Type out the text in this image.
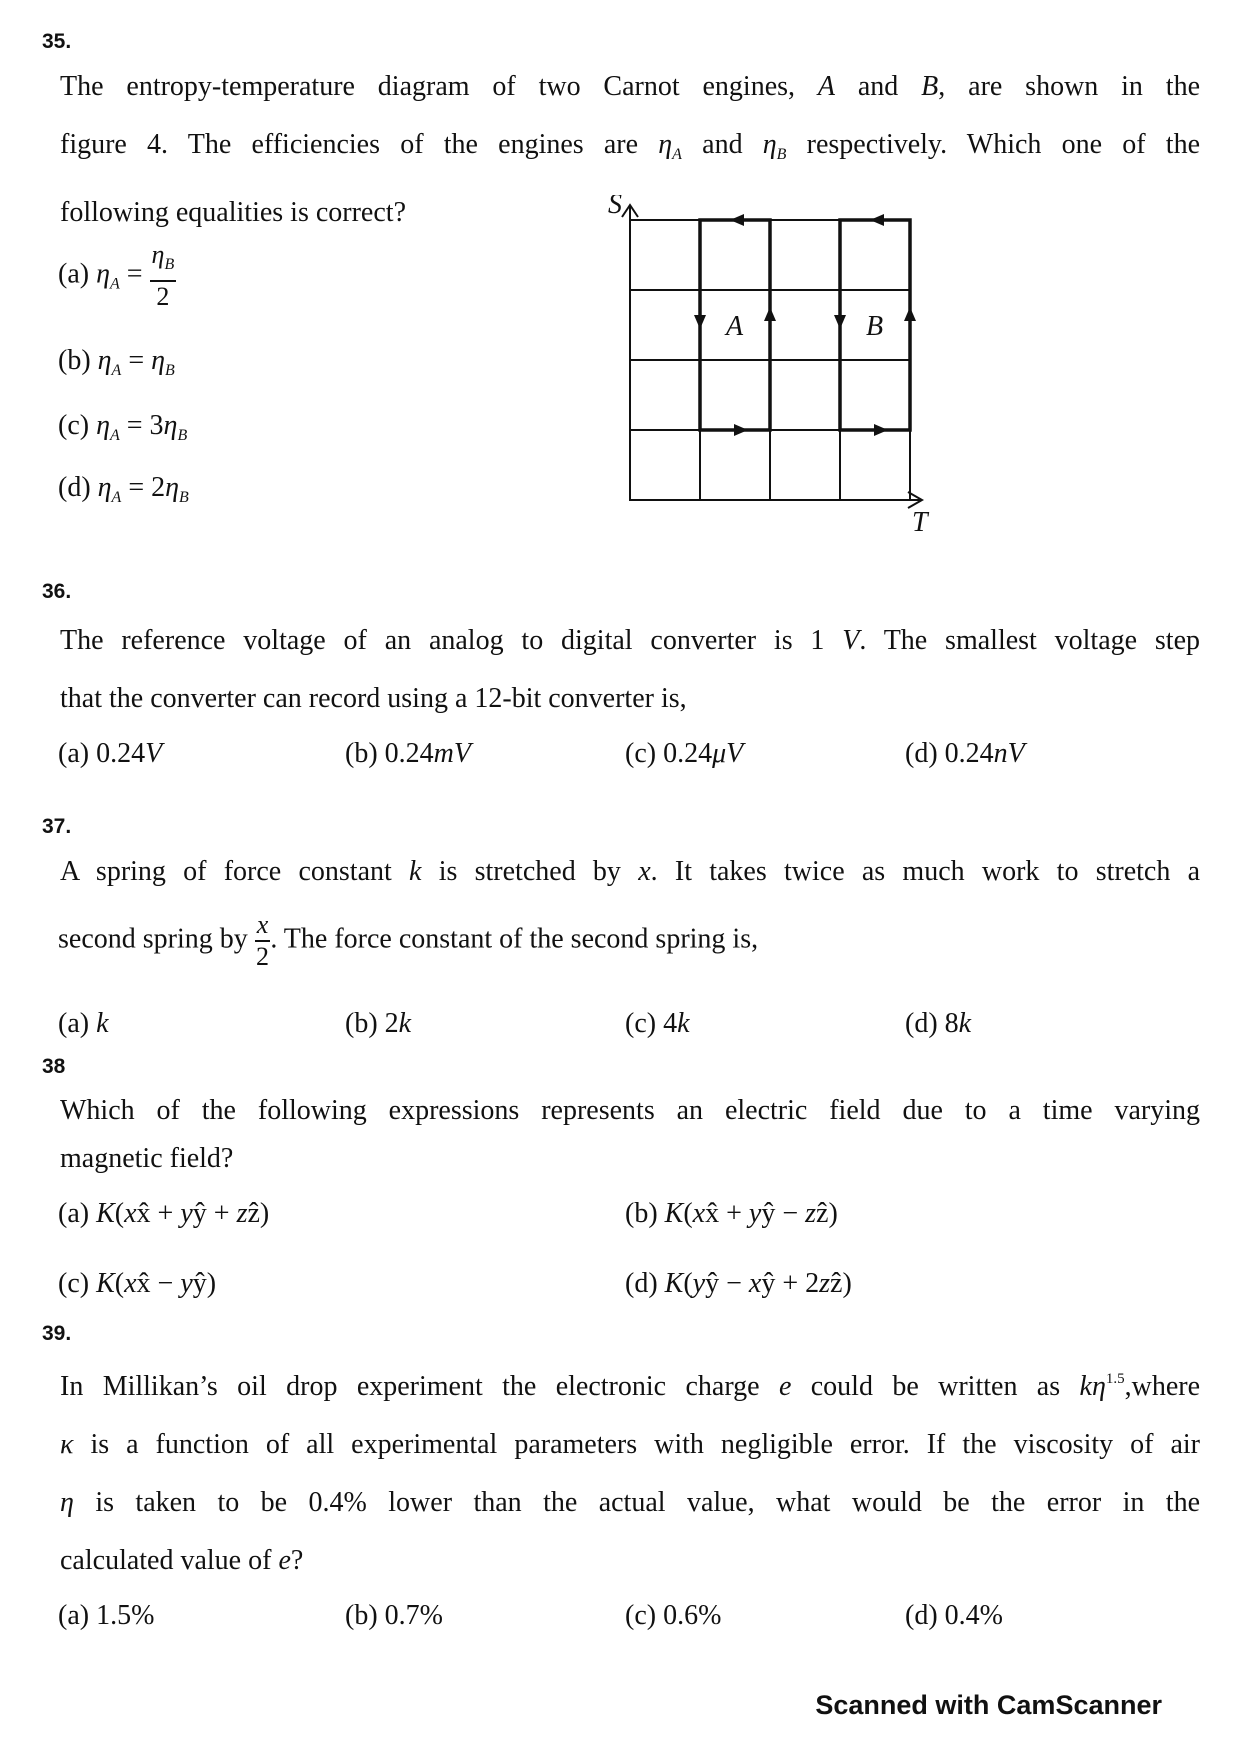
35.
The entropy-temperature diagram of two Carnot engines, A and B, are shown in the
figure 4. The efficiencies of the engines are $\eta_A$ and $\eta_B$ respectively. Which one of the
following equalities is correct?
(a) $\eta_A = \frac{\eta_B}{2}$
(b) $\eta_A = \eta_B$
(c) $\eta_A = 3\eta_B$
(d) $\eta_A = 2\eta_B$
S
T
A	B
36.
The reference voltage of an analog to digital converter is 1 V. The smallest voltage step
that the converter can record using a 12-bit converter is,
(a) 0.24V	(b) 0.24mV	(c) 0.24μV	(d) 0.24nV
37.
A spring of force constant k is stretched by x. It takes twice as much work to stretch a
second spring by $\frac{x}{2}$ . The force constant of the second spring is,
(a) k	(b) 2k	(c) 4k	(d) 8k
38
Which of the following expressions represents an electric field due to a time varying
magnetic field?
(a) K(xx̂ + yŷ + zẑ)	(b) K(xx̂ + yŷ − zẑ)
(c) K(xx̂ − yŷ)	(d) K(yŷ − xŷ + 2zẑ)
39.
In Millikan’s oil drop experiment the electronic charge e could be written as $k\eta^{1.5},where$
κ is a function of all experimental parameters with negligible error. If the viscosity of air
η is taken to be 0.4% lower than the actual value, what would be the error in the
calculated value of e?
(a) 1.5%	(b) 0.7%	(c) 0.6%	(d) 0.4%
Scanned with CamScanner
